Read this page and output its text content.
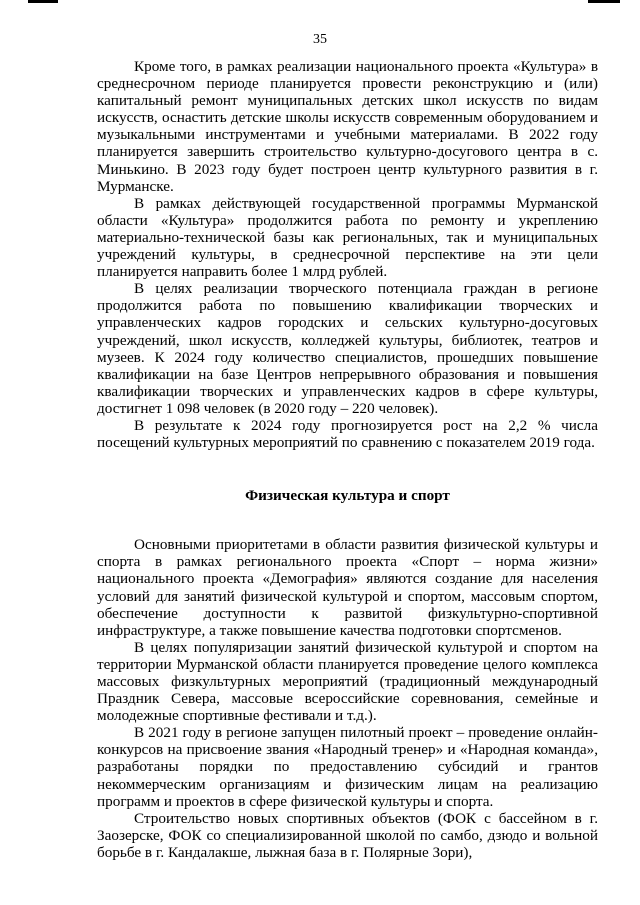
35

Кроме того, в рамках реализации национального проекта «Культура» в среднесрочном периоде планируется провести реконструкцию и (или) капитальный ремонт муниципальных детских школ искусств по видам искусств, оснастить детские школы искусств современным оборудованием и музыкальными инструментами и учебными материалами. В 2022 году планируется завершить строительство культурно-досугового центра в с. Минькино. В 2023 году будет построен центр культурного развития в г. Мурманске.

В рамках действующей государственной программы Мурманской области «Культура» продолжится работа по ремонту и укреплению материально-технической базы как региональных, так и муниципальных учреждений культуры, в среднесрочной перспективе на эти цели планируется направить более 1 млрд рублей.

В целях реализации творческого потенциала граждан в регионе продолжится работа по повышению квалификации творческих и управленческих кадров городских и сельских культурно-досуговых учреждений, школ искусств, колледжей культуры, библиотек, театров и музеев. К 2024 году количество специалистов, прошедших повышение квалификации на базе Центров непрерывного образования и повышения квалификации творческих и управленческих кадров в сфере культуры, достигнет 1 098 человек (в 2020 году – 220 человек).

В результате к 2024 году прогнозируется рост на 2,2 % числа посещений культурных мероприятий по сравнению с показателем 2019 года.

Физическая культура и спорт

Основными приоритетами в области развития физической культуры и спорта в рамках регионального проекта «Спорт – норма жизни» национального проекта «Демография» являются создание для населения условий для занятий физической культурой и спортом, массовым спортом, обеспечение доступности к развитой физкультурно-спортивной инфраструктуре, а также повышение качества подготовки спортсменов.

В целях популяризации занятий физической культурой и спортом на территории Мурманской области планируется проведение целого комплекса массовых физкультурных мероприятий (традиционный международный Праздник Севера, массовые всероссийские соревнования, семейные и молодежные спортивные фестивали и т.д.).

В 2021 году в регионе запущен пилотный проект – проведение онлайн-конкурсов на присвоение звания «Народный тренер» и «Народная команда», разработаны порядки по предоставлению субсидий и грантов некоммерческим организациям и физическим лицам на реализацию программ и проектов в сфере физической культуры и спорта.

Строительство новых спортивных объектов (ФОК с бассейном в г. Заозерске, ФОК со специализированной школой по самбо, дзюдо и вольной борьбе в г. Кандалакше, лыжная база в г. Полярные Зори),
